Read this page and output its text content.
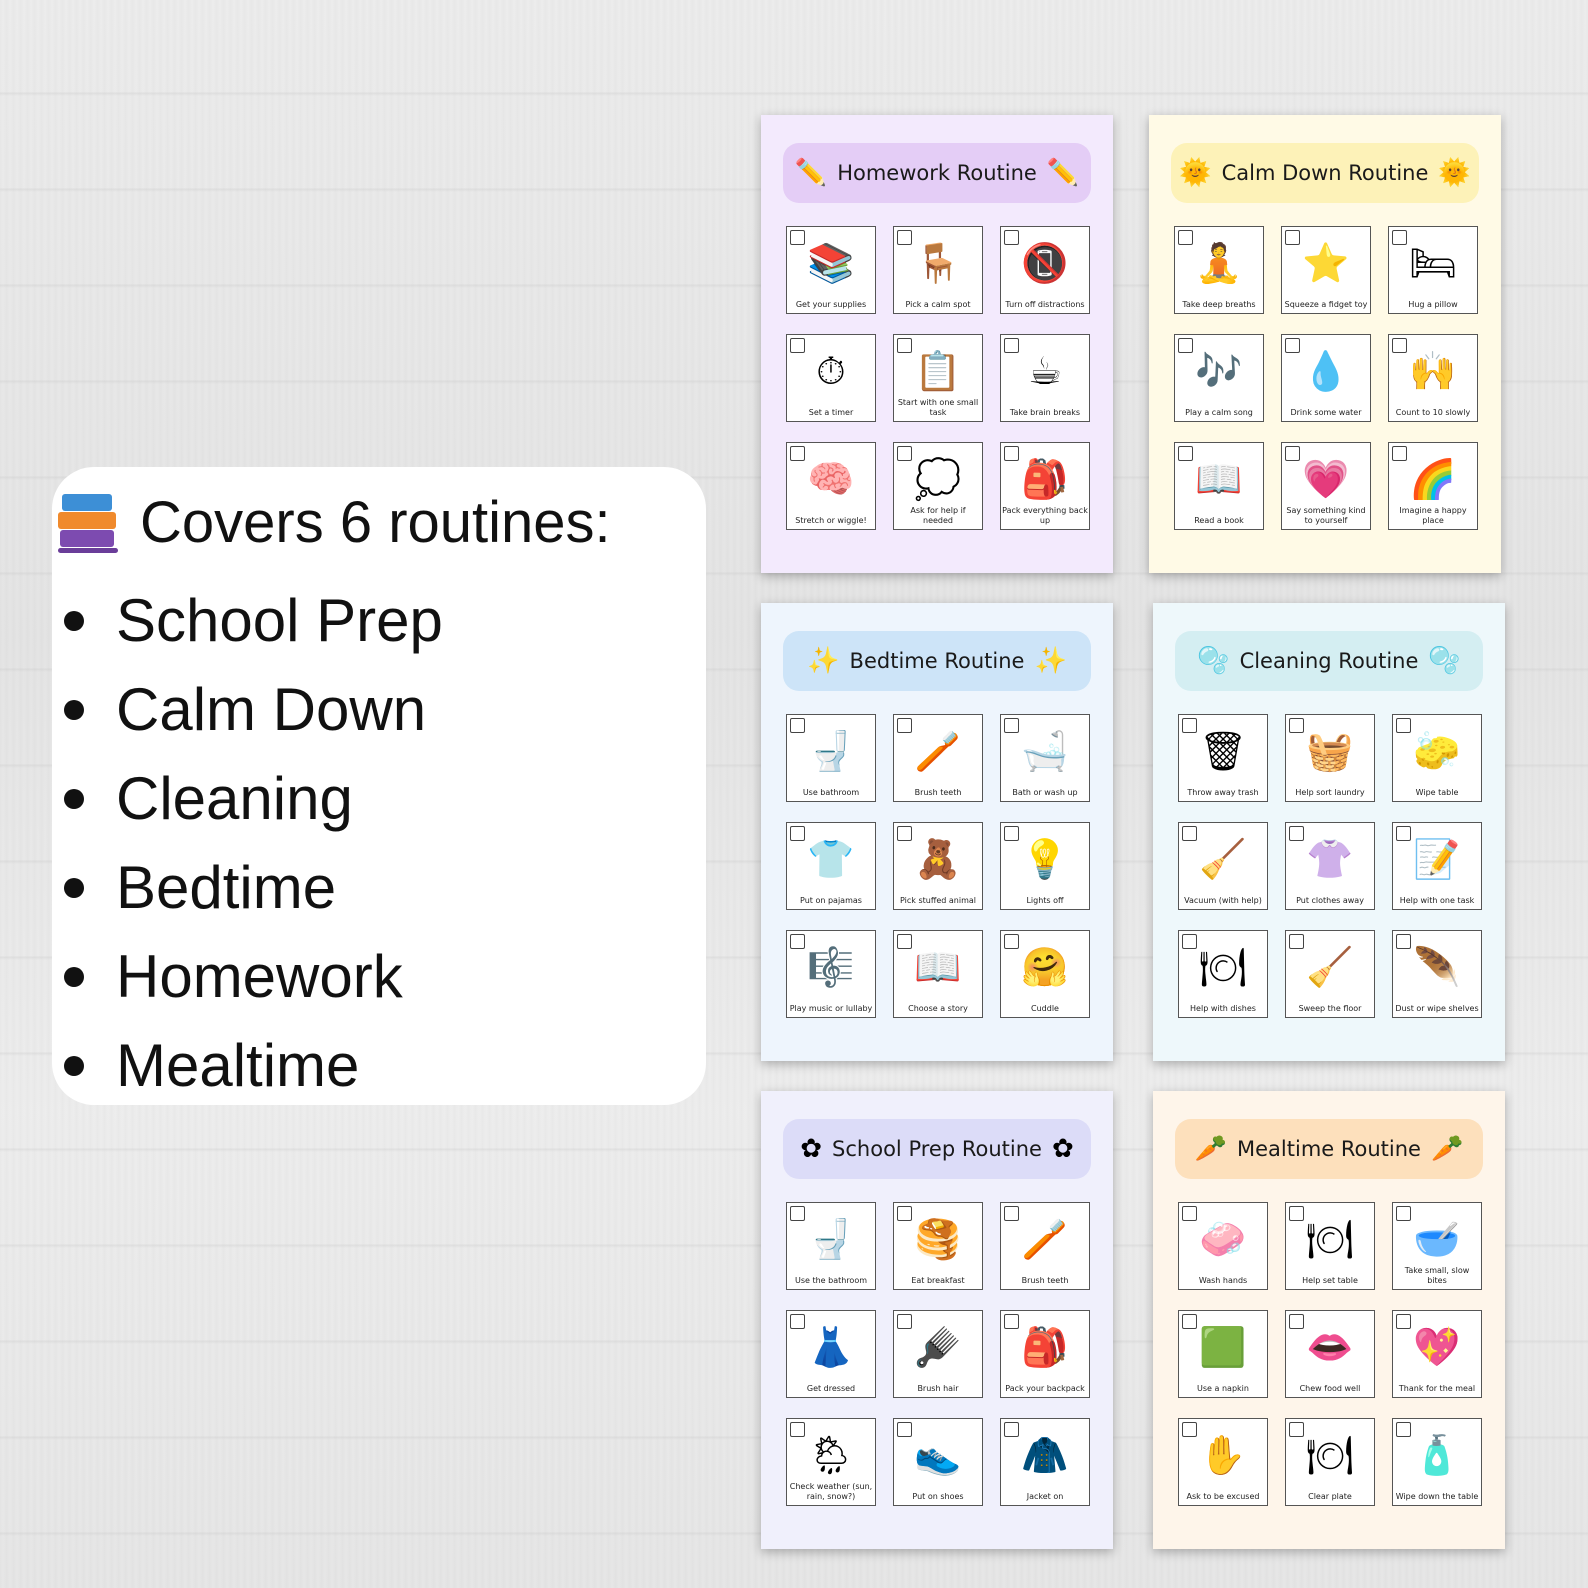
Covers 6 routines:
School Prep
Calm Down
Cleaning
Bedtime
Homework
Mealtime
✏️ Homework Routine ✏️
📚
Get your supplies
🪑
Pick a calm spot
📵
Turn off distractions
⏱
Set a timer
📋
Start with one small task
☕
Take brain breaks
🧠
Stretch or wiggle!
💭
Ask for help if needed
🎒
Pack everything back up
🌞 Calm Down Routine 🌞
🧘
Take deep breaths
⭐
Squeeze a fidget toy
🛏
Hug a pillow
🎶
Play a calm song
💧
Drink some water
🙌
Count to 10 slowly
📖
Read a book
💗
Say something kind to yourself
🌈
Imagine a happy place
✨ Bedtime Routine ✨
🚽
Use bathroom
🪥
Brush teeth
🛁
Bath or wash up
👕
Put on pajamas
🧸
Pick stuffed animal
💡
Lights off
🎼
Play music or lullaby
📖
Choose a story
🤗
Cuddle
🫧 Cleaning Routine 🫧
🗑
Throw away trash
🧺
Help sort laundry
🧽
Wipe table
🧹
Vacuum (with help)
👚
Put clothes away
📝
Help with one task
🍽
Help with dishes
🧹
Sweep the floor
🪶
Dust or wipe shelves
✿ School Prep Routine ✿
🚽
Use the bathroom
🥞
Eat breakfast
🪥
Brush teeth
👗
Get dressed
🪮
Brush hair
🎒
Pack your backpack
🌦
Check weather (sun, rain, snow?)
👟
Put on shoes
🧥
Jacket on
🥕 Mealtime Routine 🥕
🧼
Wash hands
🍽
Help set table
🥣
Take small, slow bites
🟩
Use a napkin
👄
Chew food well
💖
Thank for the meal
✋
Ask to be excused
🍽
Clear plate
🧴
Wipe down the table
